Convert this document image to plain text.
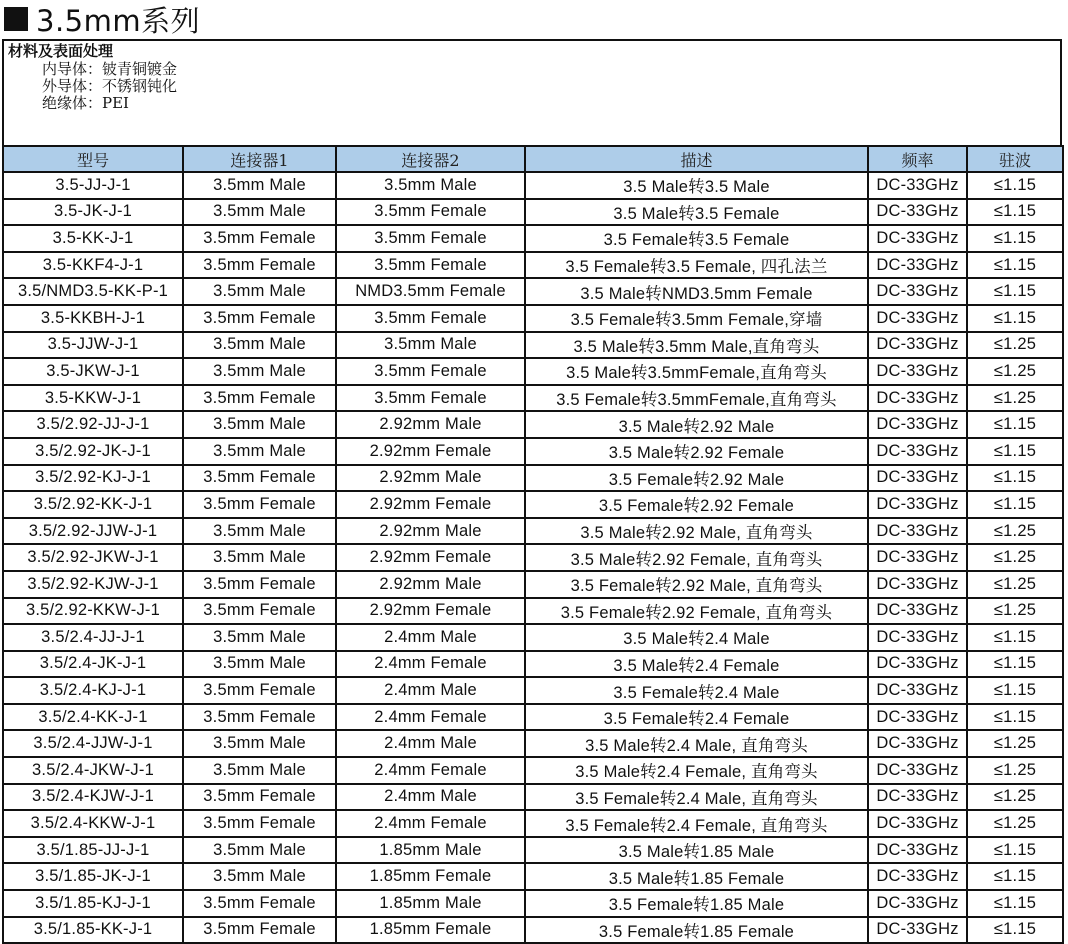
3.5mm系列
材料及表面处理
内导体：铍青铜镀金
外导体：不锈钢钝化
绝缘体：PEI
型号	连接器1	连接器2	描述	频率	驻波
3.5-JJ-J-1	3.5mm Male	3.5mm Male	3.5 Male转3.5 Male	DC-33GHz	≤1.15
3.5-JK-J-1	3.5mm Male	3.5mm Female	3.5 Male转3.5 Female	DC-33GHz	≤1.15
3.5-KK-J-1	3.5mm Female	3.5mm Female	3.5 Female转3.5 Female	DC-33GHz	≤1.15
3.5-KKF4-J-1	3.5mm Female	3.5mm Female	3.5 Female转3.5 Female, 四孔法兰	DC-33GHz	≤1.15
3.5/NMD3.5-KK-P-1	3.5mm Male	NMD3.5mm Female	3.5 Male转NMD3.5mm Female	DC-33GHz	≤1.15
3.5-KKBH-J-1	3.5mm Female	3.5mm Female	3.5 Female转3.5mm Female,穿墙	DC-33GHz	≤1.15
3.5-JJW-J-1	3.5mm Male	3.5mm Male	3.5 Male转3.5mm Male,直角弯头	DC-33GHz	≤1.25
3.5-JKW-J-1	3.5mm Male	3.5mm Female	3.5 Male转3.5mmFemale,直角弯头	DC-33GHz	≤1.25
3.5-KKW-J-1	3.5mm Female	3.5mm Female	3.5 Female转3.5mmFemale,直角弯头	DC-33GHz	≤1.25
3.5/2.92-JJ-J-1	3.5mm Male	2.92mm Male	3.5 Male转2.92 Male	DC-33GHz	≤1.15
3.5/2.92-JK-J-1	3.5mm Male	2.92mm Female	3.5 Male转2.92 Female	DC-33GHz	≤1.15
3.5/2.92-KJ-J-1	3.5mm Female	2.92mm Male	3.5 Female转2.92 Male	DC-33GHz	≤1.15
3.5/2.92-KK-J-1	3.5mm Female	2.92mm Female	3.5 Female转2.92 Female	DC-33GHz	≤1.15
3.5/2.92-JJW-J-1	3.5mm Male	2.92mm Male	3.5 Male转2.92 Male, 直角弯头	DC-33GHz	≤1.25
3.5/2.92-JKW-J-1	3.5mm Male	2.92mm Female	3.5 Male转2.92 Female, 直角弯头	DC-33GHz	≤1.25
3.5/2.92-KJW-J-1	3.5mm Female	2.92mm Male	3.5 Female转2.92 Male, 直角弯头	DC-33GHz	≤1.25
3.5/2.92-KKW-J-1	3.5mm Female	2.92mm Female	3.5 Female转2.92 Female, 直角弯头	DC-33GHz	≤1.25
3.5/2.4-JJ-J-1	3.5mm Male	2.4mm Male	3.5 Male转2.4 Male	DC-33GHz	≤1.15
3.5/2.4-JK-J-1	3.5mm Male	2.4mm Female	3.5 Male转2.4 Female	DC-33GHz	≤1.15
3.5/2.4-KJ-J-1	3.5mm Female	2.4mm Male	3.5 Female转2.4 Male	DC-33GHz	≤1.15
3.5/2.4-KK-J-1	3.5mm Female	2.4mm Female	3.5 Female转2.4 Female	DC-33GHz	≤1.15
3.5/2.4-JJW-J-1	3.5mm Male	2.4mm Male	3.5 Male转2.4 Male, 直角弯头	DC-33GHz	≤1.25
3.5/2.4-JKW-J-1	3.5mm Male	2.4mm Female	3.5 Male转2.4 Female, 直角弯头	DC-33GHz	≤1.25
3.5/2.4-KJW-J-1	3.5mm Female	2.4mm Male	3.5 Female转2.4 Male, 直角弯头	DC-33GHz	≤1.25
3.5/2.4-KKW-J-1	3.5mm Female	2.4mm Female	3.5 Female转2.4 Female, 直角弯头	DC-33GHz	≤1.25
3.5/1.85-JJ-J-1	3.5mm Male	1.85mm Male	3.5 Male转1.85 Male	DC-33GHz	≤1.15
3.5/1.85-JK-J-1	3.5mm Male	1.85mm Female	3.5 Male转1.85 Female	DC-33GHz	≤1.15
3.5/1.85-KJ-J-1	3.5mm Female	1.85mm Male	3.5 Female转1.85 Male	DC-33GHz	≤1.15
3.5/1.85-KK-J-1	3.5mm Female	1.85mm Female	3.5 Female转1.85 Female	DC-33GHz	≤1.15
